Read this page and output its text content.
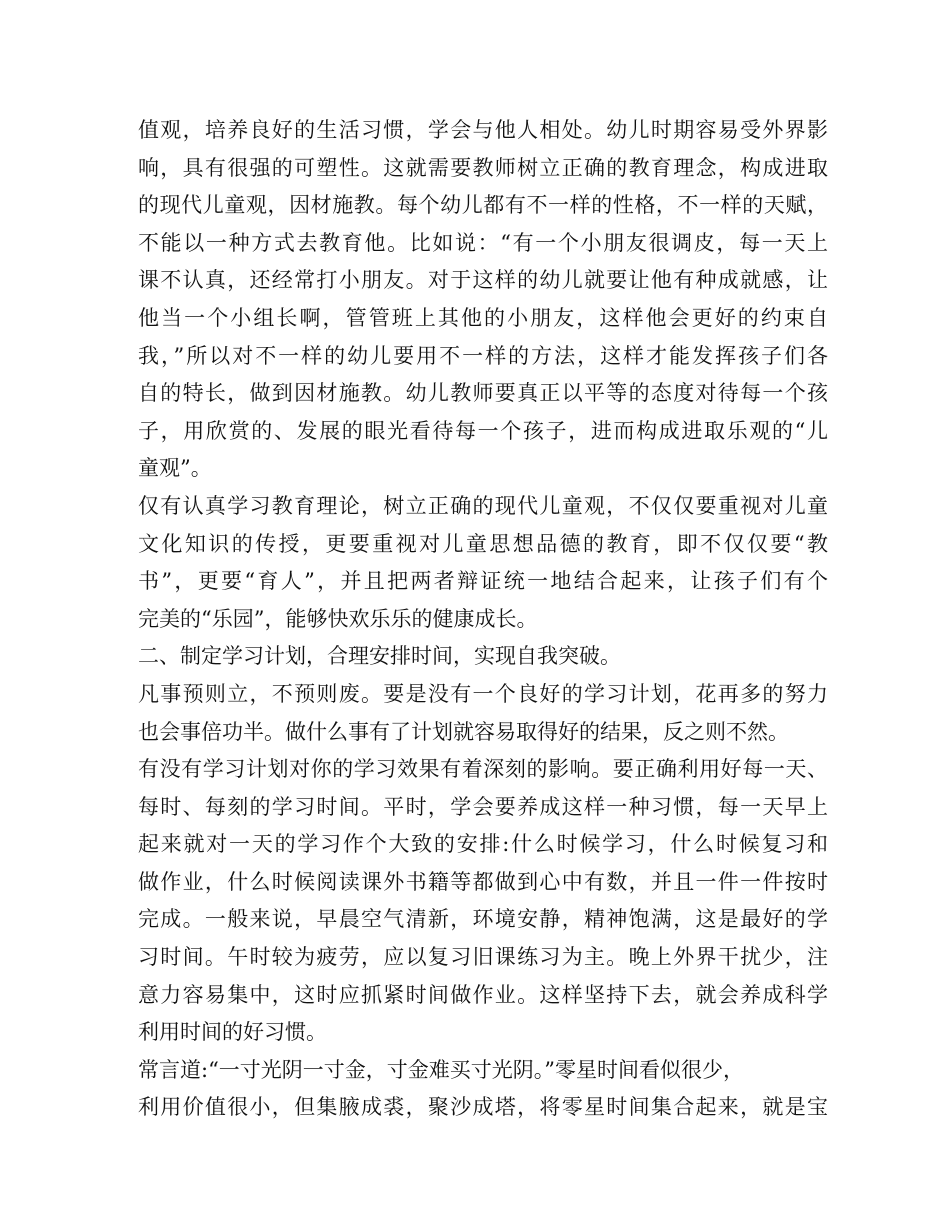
值观，培养良好的生活习惯，学会与他人相处。幼儿时期容易受外界影
响，具有很强的可塑性。这就需要教师树立正确的教育理念，构成进取
的现代儿童观，因材施教。每个幼儿都有不一样的性格，不一样的天赋，
不能以一种方式去教育他。比如说：“有一个小朋友很调皮，每一天上
课不认真，还经常打小朋友。对于这样的幼儿就要让他有种成就感，让
他当一个小组长啊，管管班上其他的小朋友，这样他会更好的约束自
我，”所以对不一样的幼儿要用不一样的方法，这样才能发挥孩子们各
自的特长，做到因材施教。幼儿教师要真正以平等的态度对待每一个孩
子，用欣赏的、发展的眼光看待每一个孩子，进而构成进取乐观的“儿
童观”。
仅有认真学习教育理论，树立正确的现代儿童观，不仅仅要重视对儿童
文化知识的传授，更要重视对儿童思想品德的教育，即不仅仅要“教
书”，更要“育人”，并且把两者辩证统一地结合起来，让孩子们有个
完美的“乐园”，能够快欢乐乐的健康成长。
二、制定学习计划，合理安排时间，实现自我突破。
凡事预则立，不预则废。要是没有一个良好的学习计划，花再多的努力
也会事倍功半。做什么事有了计划就容易取得好的结果，反之则不然。
有没有学习计划对你的学习效果有着深刻的影响。要正确利用好每一天、
每时、每刻的学习时间。平时，学会要养成这样一种习惯，每一天早上
起来就对一天的学习作个大致的安排:什么时候学习，什么时候复习和
做作业，什么时候阅读课外书籍等都做到心中有数，并且一件一件按时
完成。一般来说，早晨空气清新，环境安静，精神饱满，这是最好的学
习时间。午时较为疲劳，应以复习旧课练习为主。晚上外界干扰少，注
意力容易集中，这时应抓紧时间做作业。这样坚持下去，就会养成科学
利用时间的好习惯。
常言道:“一寸光阴一寸金，寸金难买寸光阴。”零星时间看似很少，
利用价值很小，但集腋成裘，聚沙成塔，将零星时间集合起来，就是宝
